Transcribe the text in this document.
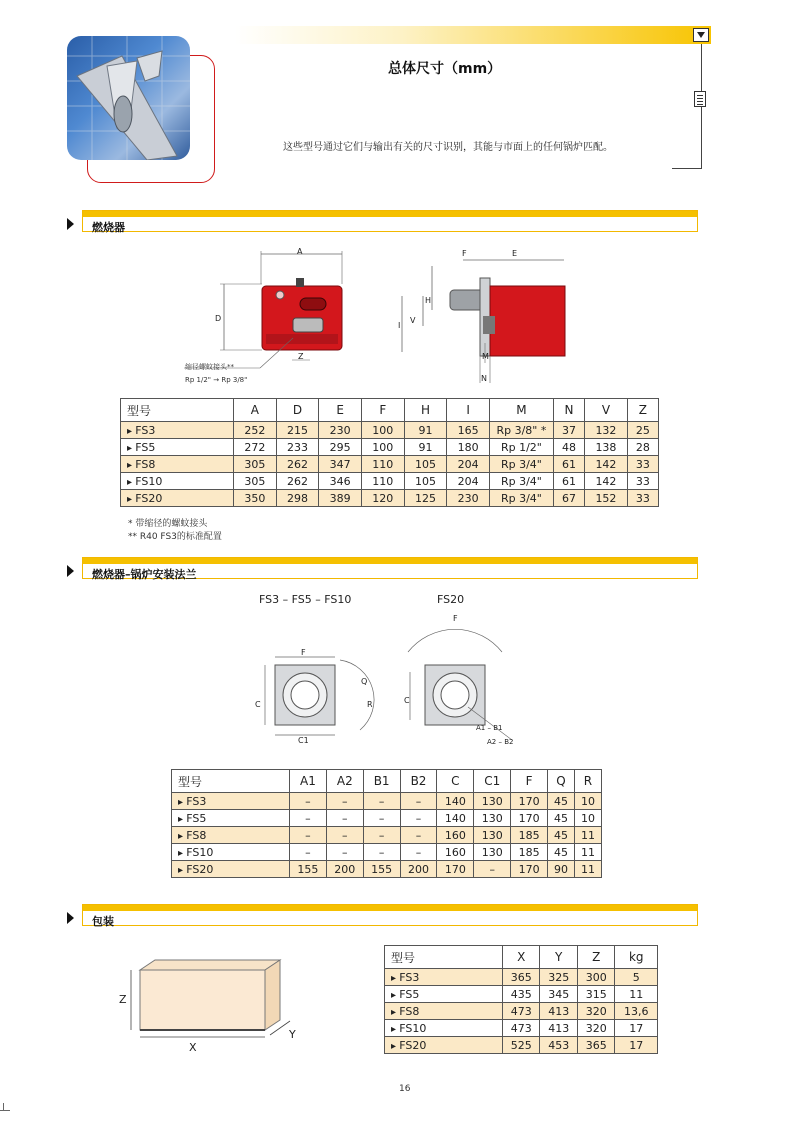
总体尺寸（mm）
这些型号通过它们与输出有关的尺寸识别，其能与市面上的任何锅炉匹配。
燃烧器
A
D
Z
F	E
H
I
V
M
N
缩径螺蚊接头**
Rp 1/2" → Rp 3/8"
型号	A	D	E	F	H	I	M	N	V	Z
▸ FS3	252	215	230	100	91	165	Rp 3/8" *	37	132	25
▸ FS5	272	233	295	100	91	180	Rp 1/2"	48	138	28
▸ FS8	305	262	347	110	105	204	Rp 3/4"	61	142	33
▸ FS10	305	262	346	110	105	204	Rp 3/4"	61	142	33
▸ FS20	350	298	389	120	125	230	Rp 3/4"	67	152	33
* 带缩径的螺蚊接头
** R40 FS3的标准配置
燃烧器–锅炉安装法兰
FS3 – FS5 – FS10	FS20
F
C
C1
Q
R
F
C
A1 – B1
A2 – B2
型号	A1	A2	B1	B2	C	C1	F	Q	R
▸ FS3	–	–	–	–	140	130	170	45	10
▸ FS5	–	–	–	–	140	130	170	45	10
▸ FS8	–	–	–	–	160	130	185	45	11
▸ FS10	–	–	–	–	160	130	185	45	11
▸ FS20	155	200	155	200	170	–	170	90	11
包装
Z
X
Y
型号	X	Y	Z	kg
▸ FS3	365	325	300	5
▸ FS5	435	345	315	11
▸ FS8	473	413	320	13,6
▸ FS10	473	413	320	17
▸ FS20	525	453	365	17
16
